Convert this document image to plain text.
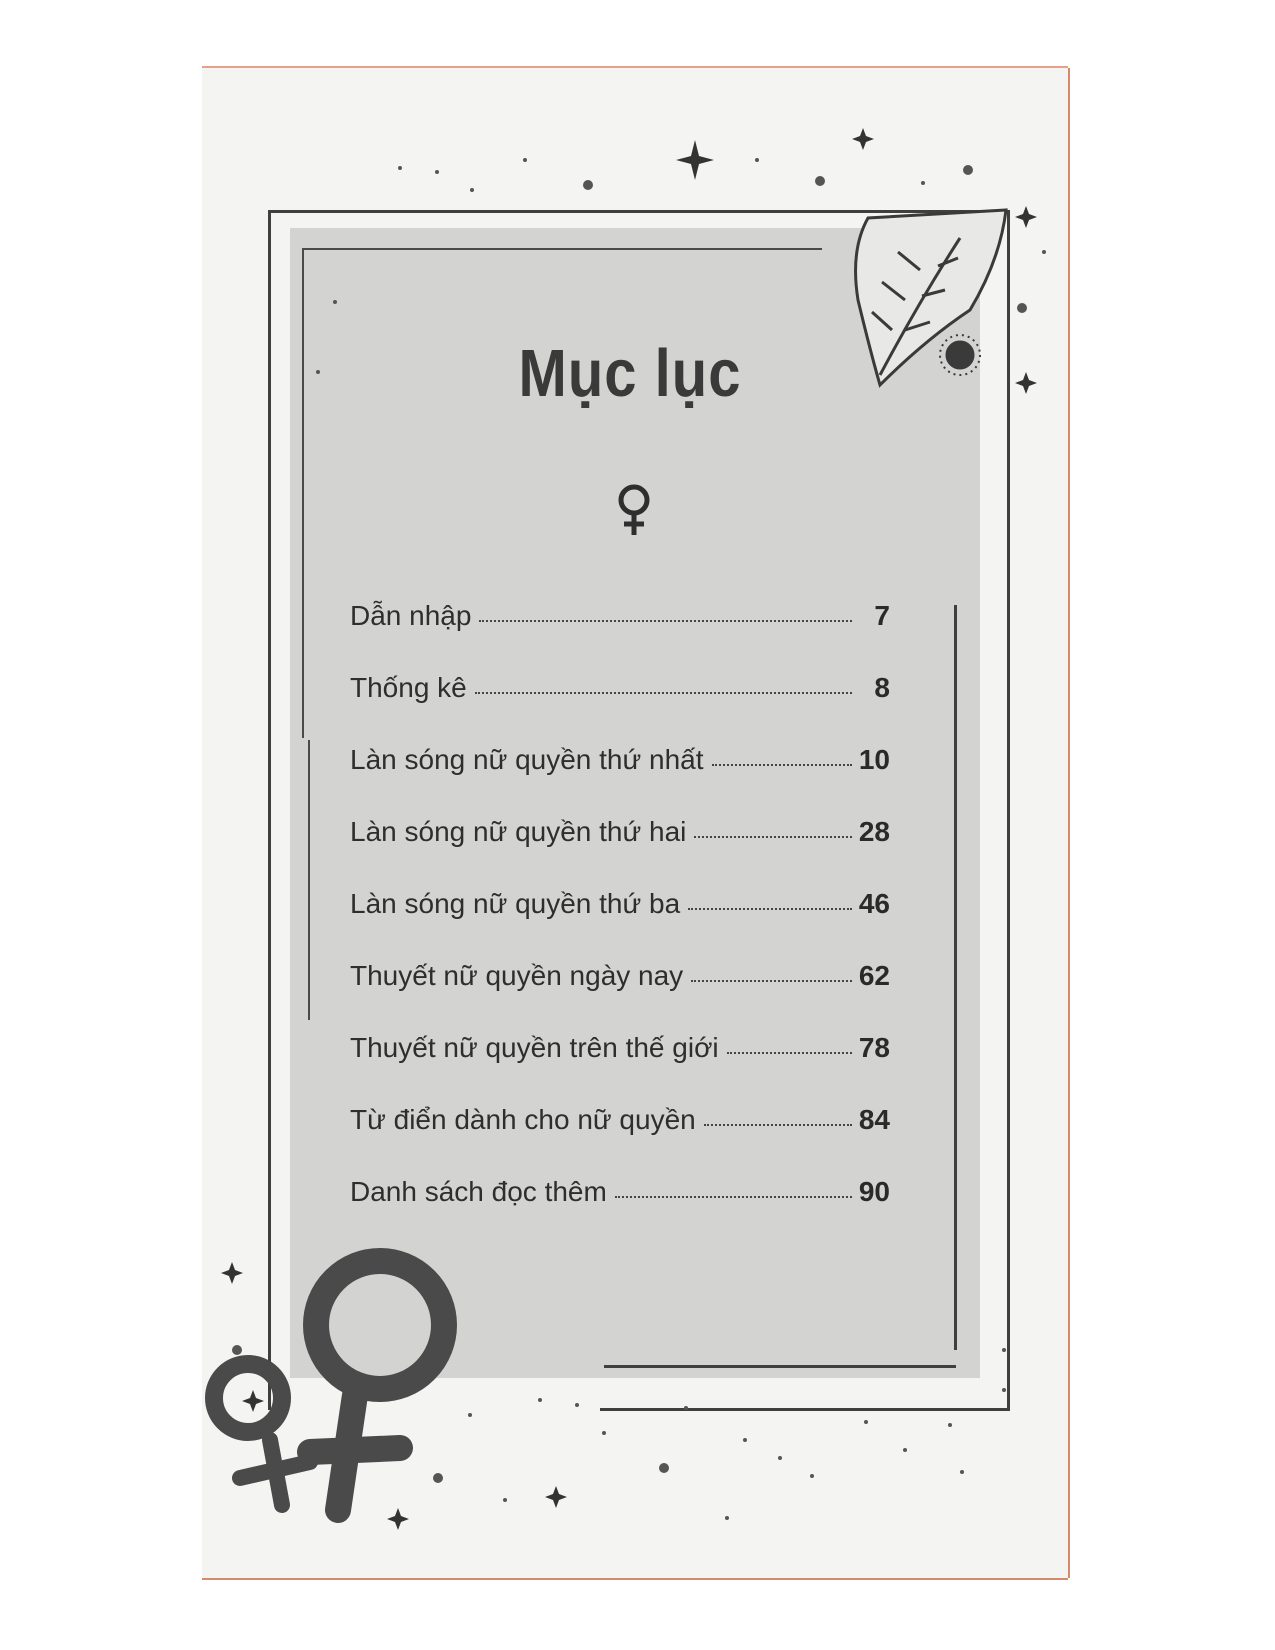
Mục lục
Dẫn nhập	7
Thống kê	8
Làn sóng nữ quyền thứ nhất	10
Làn sóng nữ quyền thứ hai	28
Làn sóng nữ quyền thứ ba	46
Thuyết nữ quyền ngày nay	62
Thuyết nữ quyền trên thế giới	78
Từ điển dành cho nữ quyền	84
Danh sách đọc thêm	90
